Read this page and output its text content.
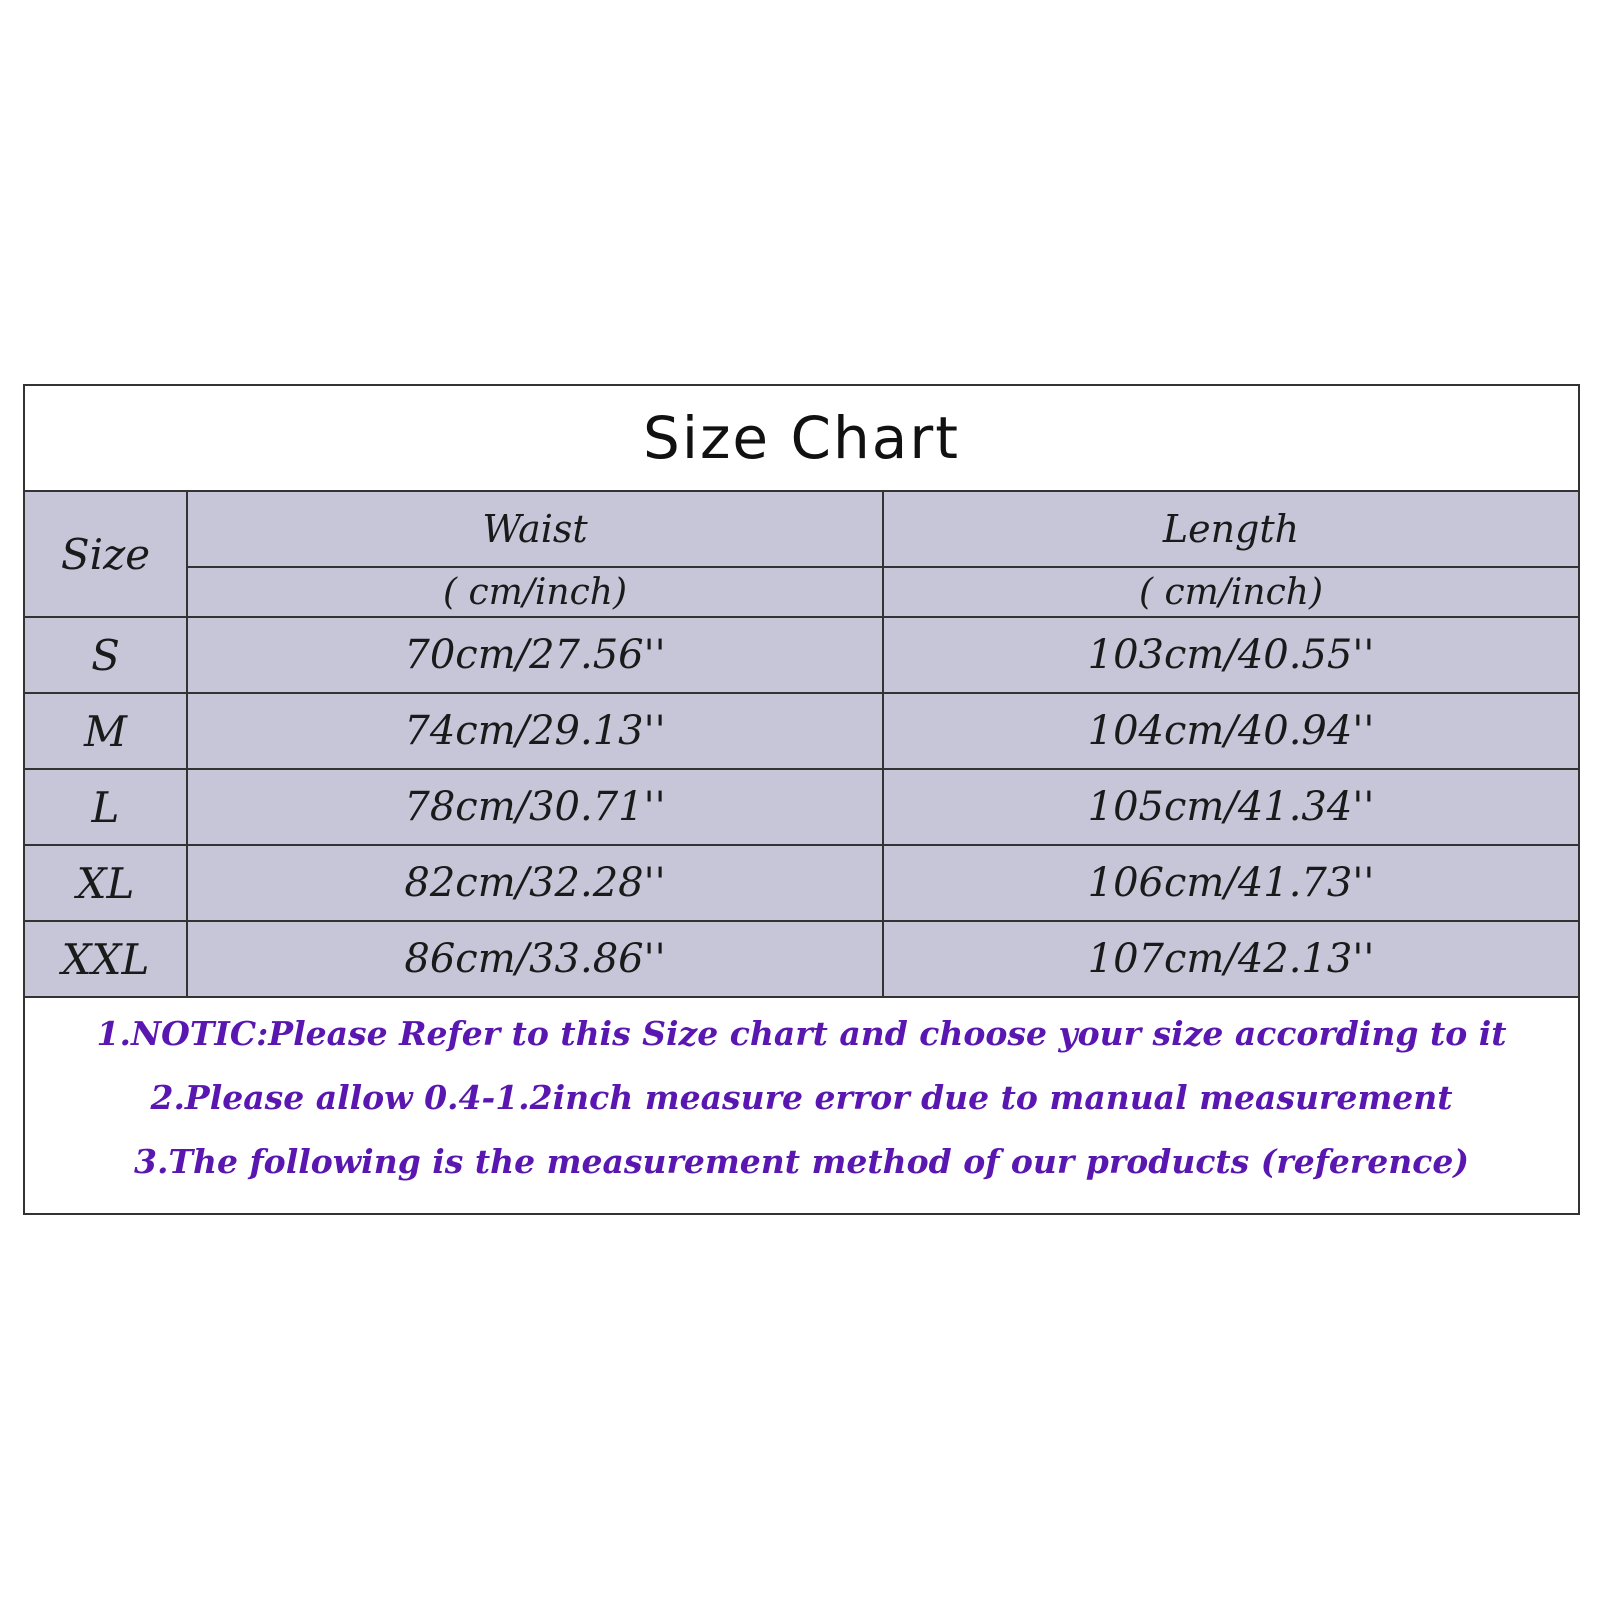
Size Chart
Size	Waist	Length
	( cm/inch)	( cm/inch)
S	70cm/27.56''	103cm/40.55''
M	74cm/29.13''	104cm/40.94''
L	78cm/30.71''	105cm/41.34''
XL	82cm/32.28''	106cm/41.73''
XXL	86cm/33.86''	107cm/42.13''
1.NOTIC:Please Refer to this Size chart and choose your size according to it
2.Please allow 0.4-1.2inch measure error due to manual measurement
3.The following is the measurement method of our products (reference)
